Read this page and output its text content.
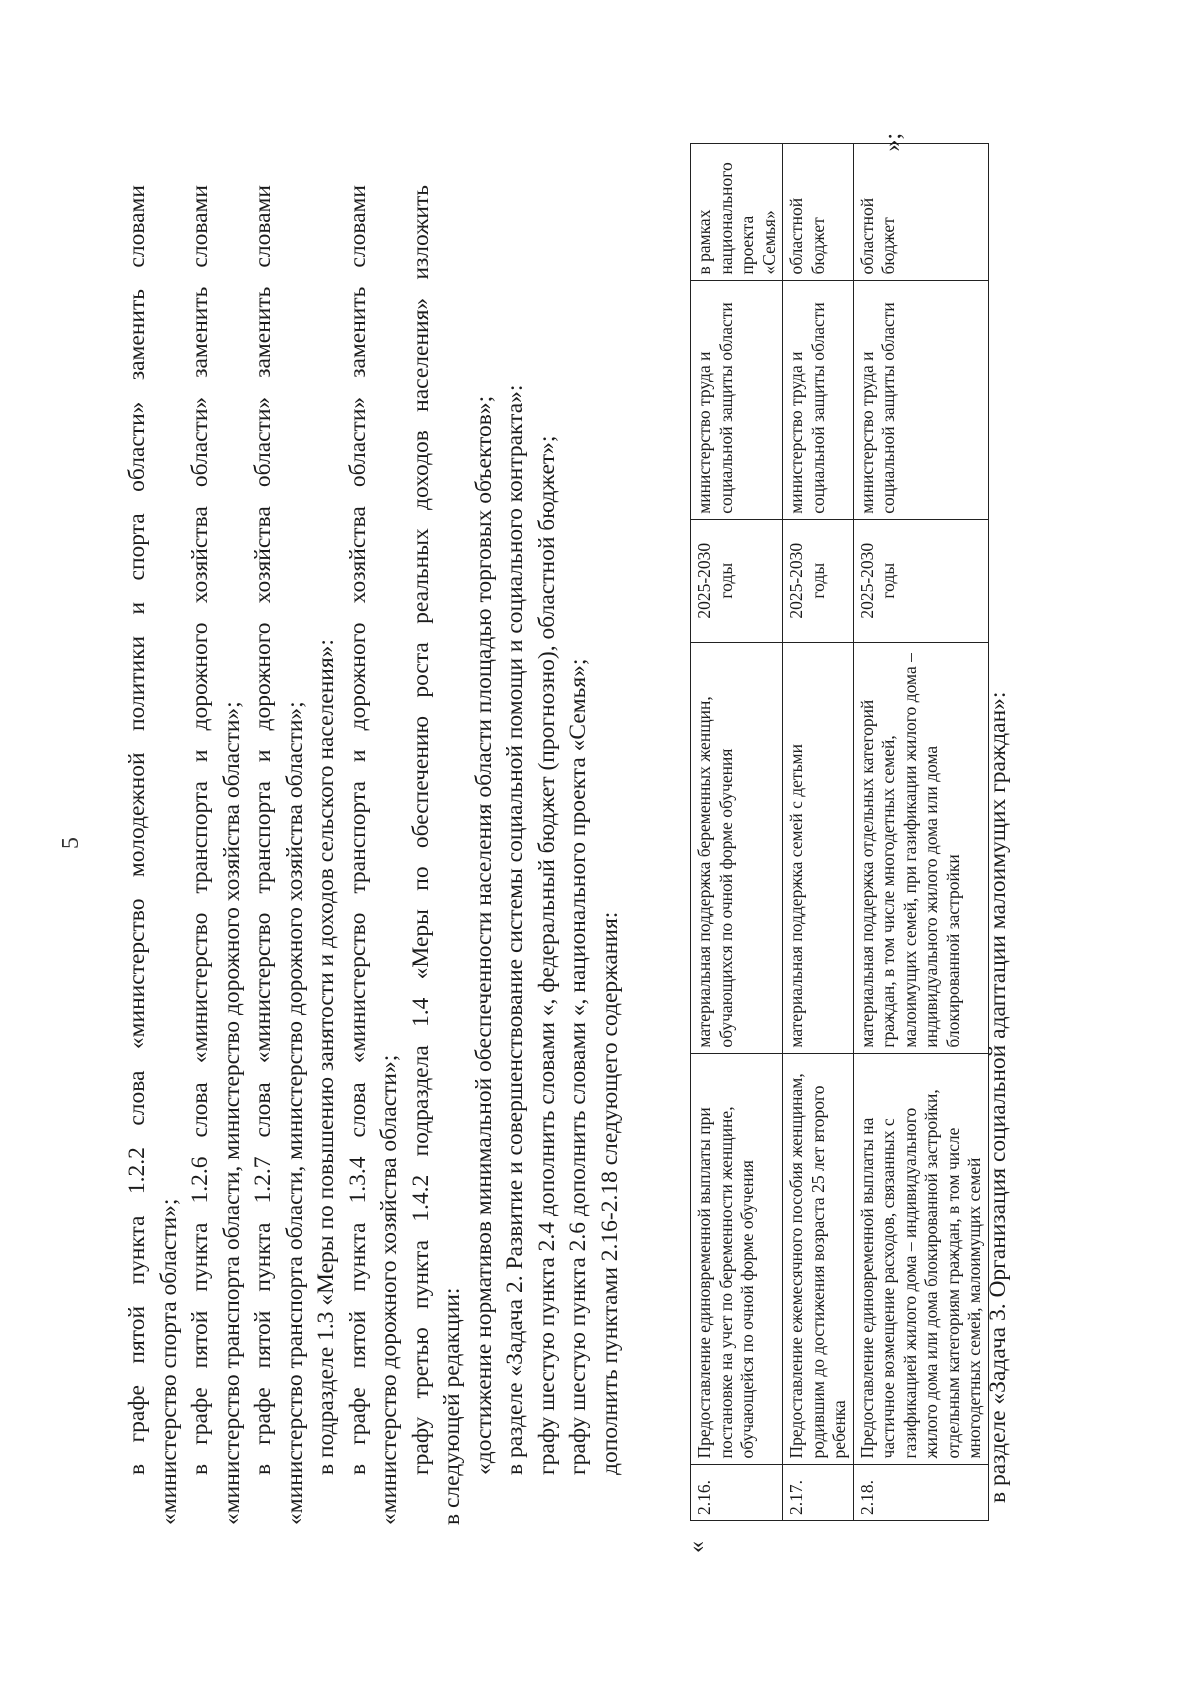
5 в графе пятой пункта 1.2.2 слова «министерство молодежной политики и спорта области» заменить словами «министерство спорта области»; в графе пятой пункта 1.2.6 слова «министерство транспорта и дорожного хозяйства области» заменить словами «министерство транспорта области, министерство дорожного хозяйства области»; в графе пятой пункта 1.2.7 слова «министерство транспорта и дорожного хозяйства области» заменить словами «министерство транспорта области, министерство дорожного хозяйства области»; в подразделе 1.3 «Меры по повышению занятости и доходов сельского населения»: в графе пятой пункта 1.3.4 слова «министерство транспорта и дорожного хозяйства области» заменить словами «министерство дорожного хозяйства области»; графу третью пункта 1.4.2 подраздела 1.4 «Меры по обеспечению роста реальных доходов населения» изложить в следующей редакции: «достижение нормативов минимальной обеспеченности населения области площадью торговых объектов»; в разделе «Задача 2. Развитие и совершенствование системы социальной помощи и социального контракта»: графу шестую пункта 2.4 дополнить словами «, федеральный бюджет (прогнозно), областной бюджет»; графу шестую пункта 2.6 дополнить словами «, национального проекта «Семья»; дополнить пунктами 2.16-2.18 следующего содержания:

«
2.16.	Предоставление единовременной выплаты при постановке на учет по беременности женщине, обучающейся по очной форме обучения	материальная поддержка беременных женщин, обучающихся по очной форме обучения	2025-2030 годы	министерство труда и социальной защиты области	в рамках национального проекта «Семья»
2.17.	Предоставление ежемесячного пособия женщинам, родившим до достижения возраста 25 лет второго ребенка	материальная поддержка семей с детьми	2025-2030 годы	министерство труда и социальной защиты области	областной бюджет
2.18.	Предоставление единовременной выплаты на частичное возмещение расходов, связанных с газификацией жилого дома – индивидуального жилого дома или дома блокированной застройки, отдельным категориям граждан, в том числе многодетных семей, малоимущих семей	материальная поддержка отдельных категорий граждан, в том числе многодетных семей, малоимущих семей, при газификации жилого дома – индивидуального жилого дома или дома блокированной застройки	2025-2030 годы	министерство труда и социальной защиты области	областной бюджет
»;
в разделе «Задача 3. Организация социальной адаптации малоимущих граждан»:
